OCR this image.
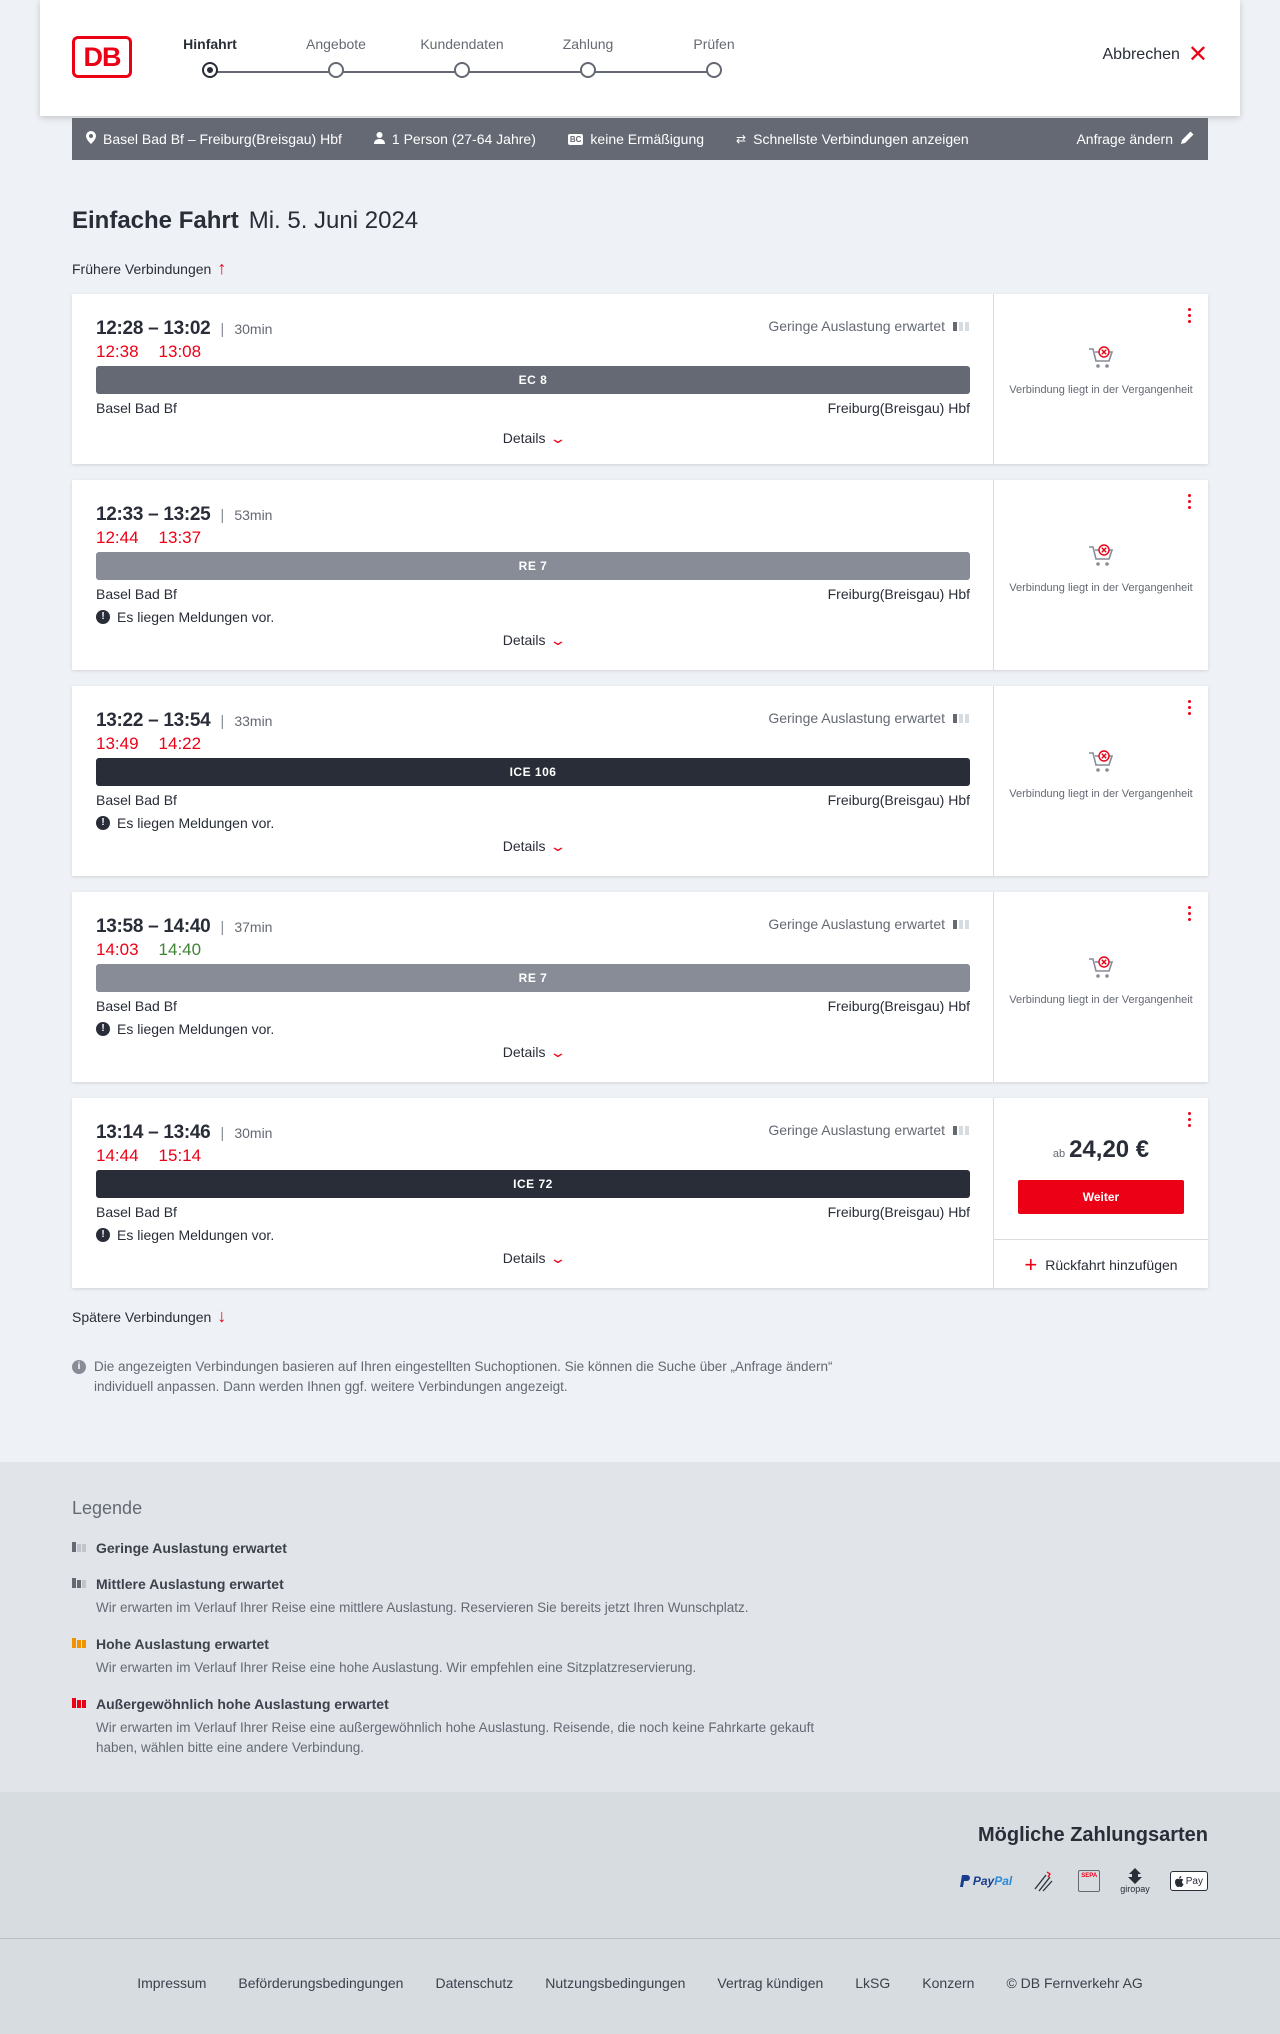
DB	Hinfahrt	Angebote	Kundendaten	Zahlung	Prüfen
Abbrechen ✕
Basel Bad Bf – Freiburg(Breisgau) Hbf	1 Person (27-64 Jahre)	BC keine Ermäßigung	⇄ Schnellste Verbindungen anzeigen	Anfrage ändern
Einfache Fahrt Mi. 5. Juni 2024
Frühere Verbindungen ↑
12:28 – 13:02 | 30min
12:38 13:08
Geringe Auslastung erwartet
EC 8
Basel Bad Bf	Freiburg(Breisgau) Hbf
Details ⌄
Verbindung liegt in der Vergangenheit
12:33 – 13:25 | 53min
12:44 13:37
RE 7
Basel Bad Bf	Freiburg(Breisgau) Hbf
! Es liegen Meldungen vor.
Details ⌄
Verbindung liegt in der Vergangenheit
13:22 – 13:54 | 33min
13:49 14:22
Geringe Auslastung erwartet
ICE 106
Basel Bad Bf	Freiburg(Breisgau) Hbf
! Es liegen Meldungen vor.
Details ⌄
Verbindung liegt in der Vergangenheit
13:58 – 14:40 | 37min
14:03 14:40
Geringe Auslastung erwartet
RE 7
Basel Bad Bf	Freiburg(Breisgau) Hbf
! Es liegen Meldungen vor.
Details ⌄
Verbindung liegt in der Vergangenheit
13:14 – 13:46 | 30min
14:44 15:14
Geringe Auslastung erwartet
ICE 72
Basel Bad Bf	Freiburg(Breisgau) Hbf
! Es liegen Meldungen vor.
Details ⌄
ab 24,20 €
Weiter
+ Rückfahrt hinzufügen
Spätere Verbindungen ↓
i	Die angezeigten Verbindungen basieren auf Ihren eingestellten Suchoptionen. Sie können die Suche über „Anfrage ändern“ individuell anpassen. Dann werden Ihnen ggf. weitere Verbindungen angezeigt.
Legende
Geringe Auslastung erwartet
Mittlere Auslastung erwartet
Wir erwarten im Verlauf Ihrer Reise eine mittlere Auslastung. Reservieren Sie bereits jetzt Ihren Wunschplatz.
Hohe Auslastung erwartet
Wir erwarten im Verlauf Ihrer Reise eine hohe Auslastung. Wir empfehlen eine Sitzplatzreservierung.
Außergewöhnlich hohe Auslastung erwartet
Wir erwarten im Verlauf Ihrer Reise eine außergewöhnlich hohe Auslastung. Reisende, die noch keine Fahrkarte gekauft haben, wählen bitte eine andere Verbindung.
Mögliche Zahlungsarten
Pay Pal	SEPA
giropay
Pay
Impressum Beförderungsbedingungen Datenschutz Nutzungsbedingungen Vertrag kündigen LkSG Konzern © DB Fernverkehr AG
